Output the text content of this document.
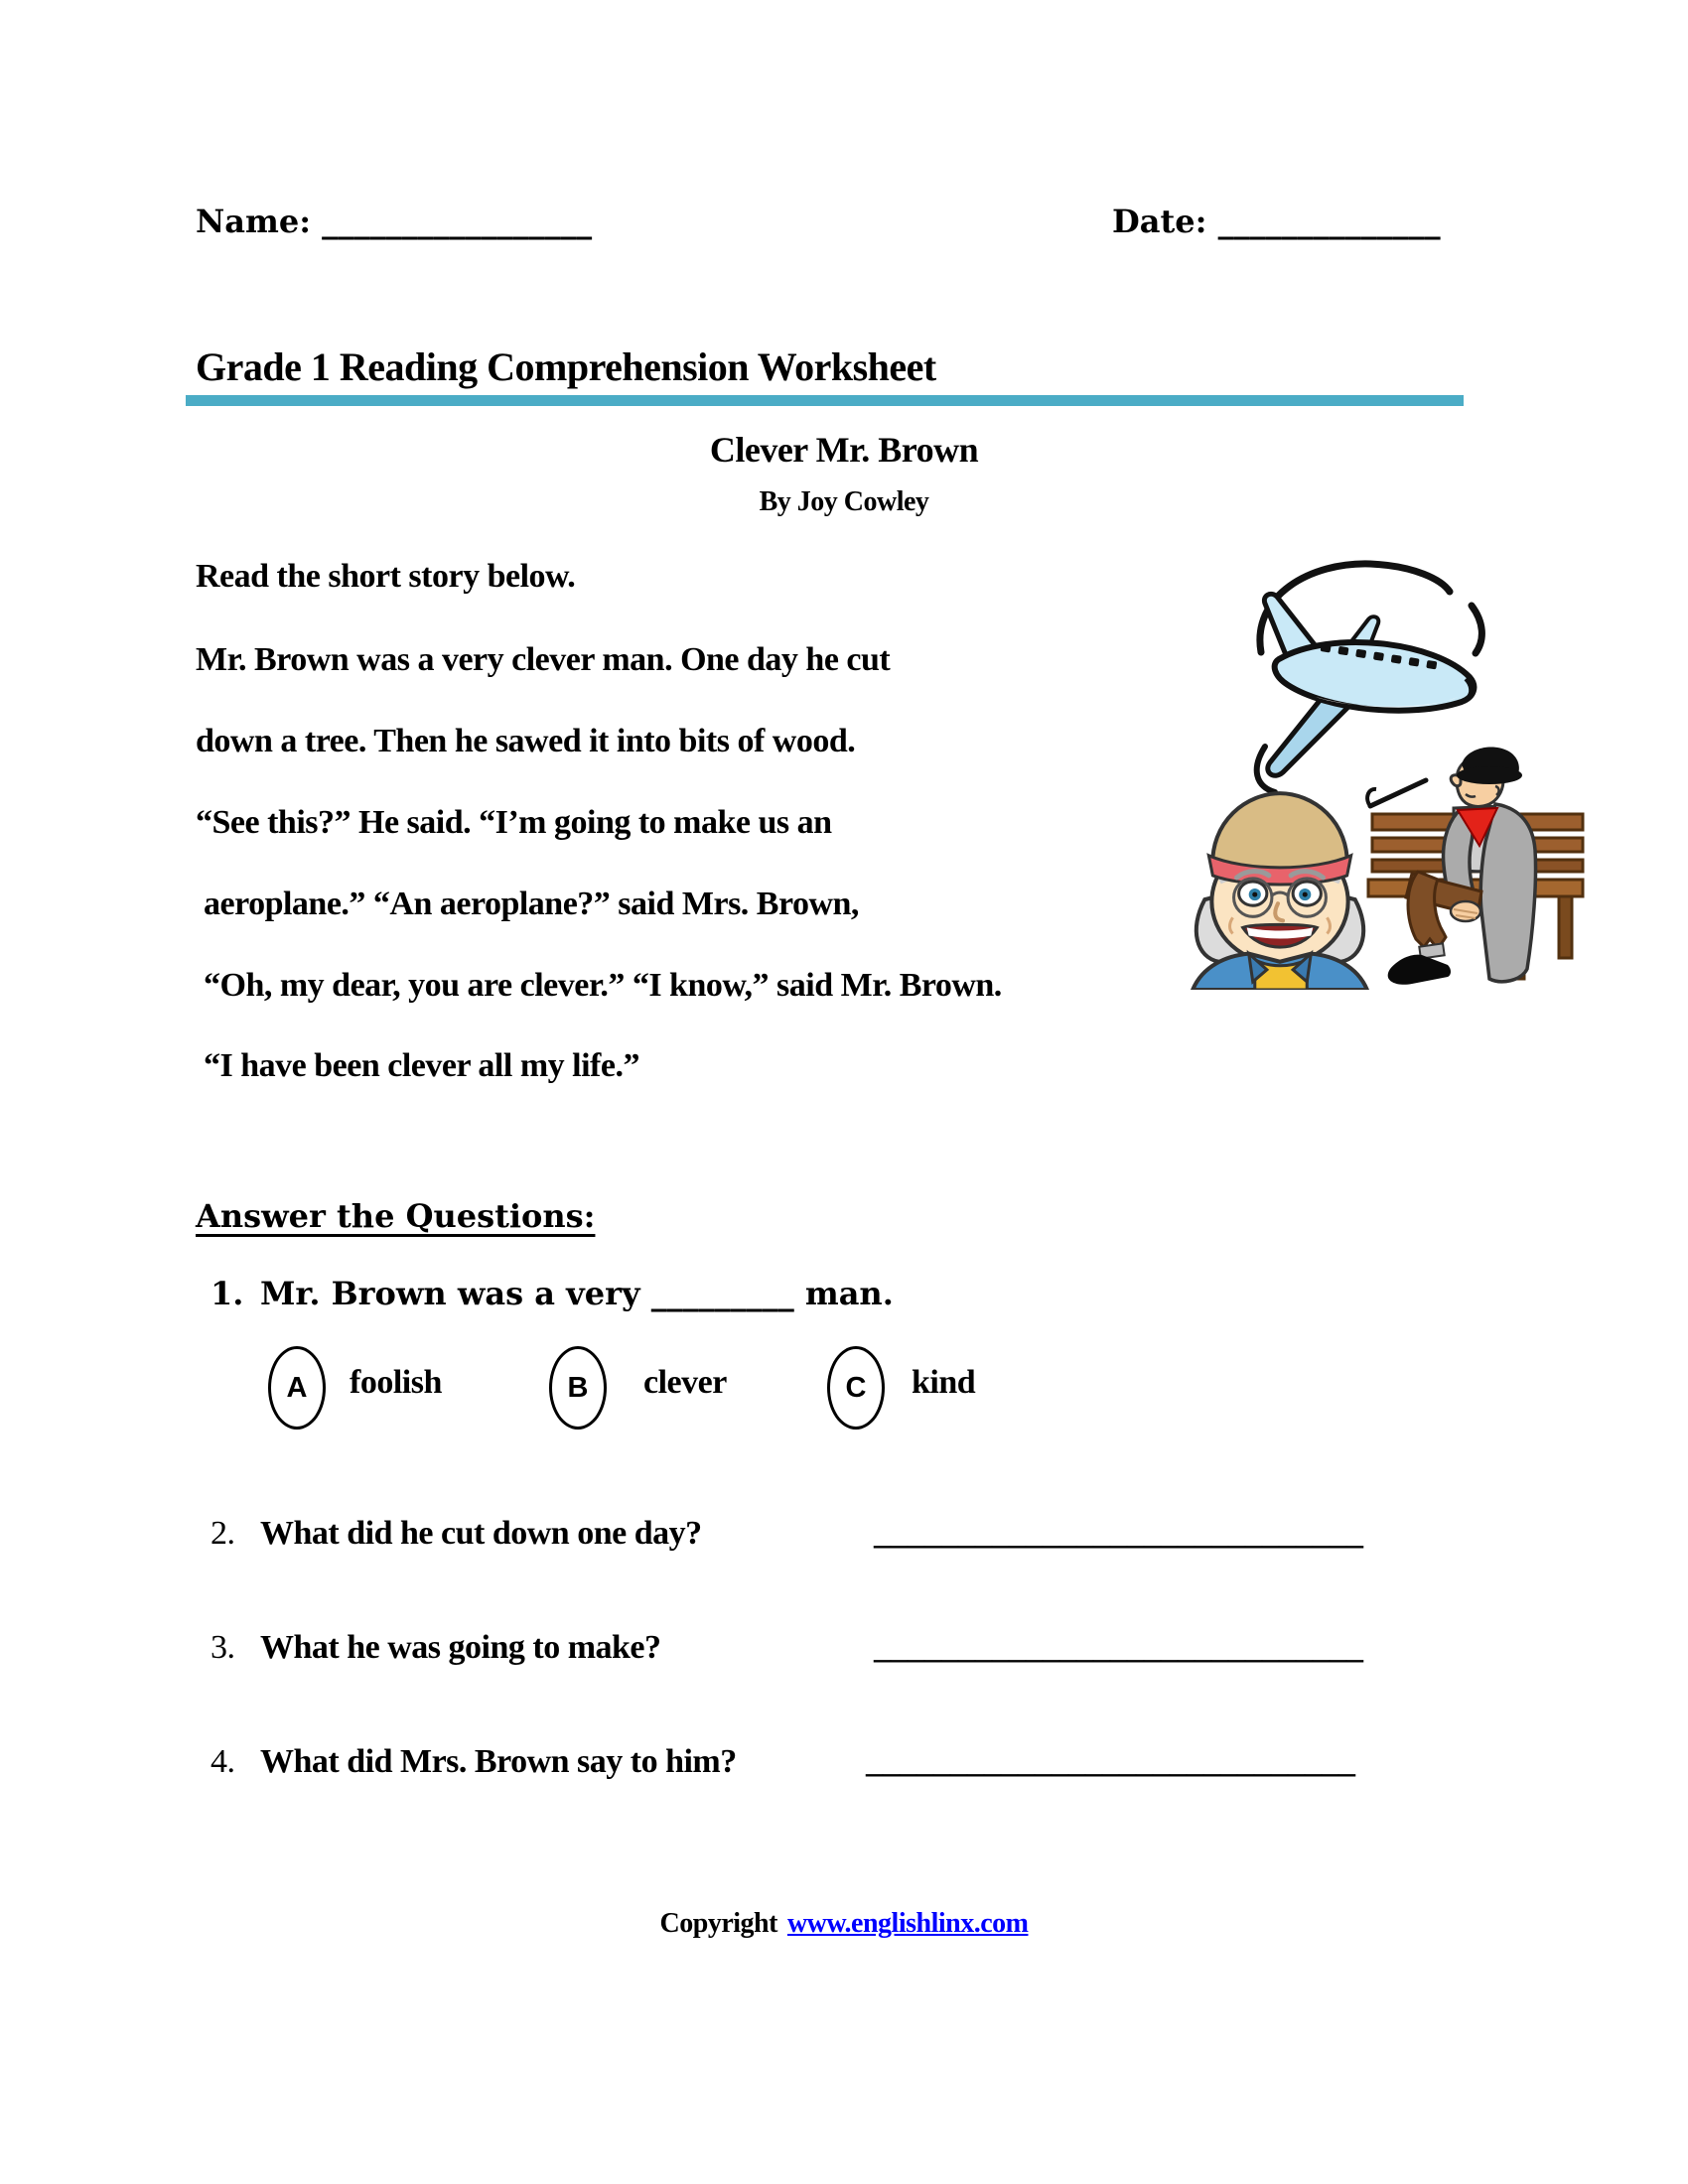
Name: _________________	Date: ______________
Grade 1 Reading Comprehension Worksheet
Clever Mr. Brown
By Joy Cowley
Read the short story below.
Mr. Brown was a very clever man. One day he cut
down a tree. Then he sawed it into bits of wood.
“See this?” He said. “I’m going to make us an
aeroplane.” “An aeroplane?” said Mrs. Brown,
“Oh, my dear, you are clever.” “I know,” said Mr. Brown.
“I have been clever all my life.”
Answer the Questions:
1. Mr. Brown was a very _________ man.
A foolish	B clever	C kind
2. What did he cut down one day?	_____________________________
3. What he was going to make?	_____________________________
4. What did Mrs. Brown say to him?	_____________________________
Copyright www.englishlinx.com
